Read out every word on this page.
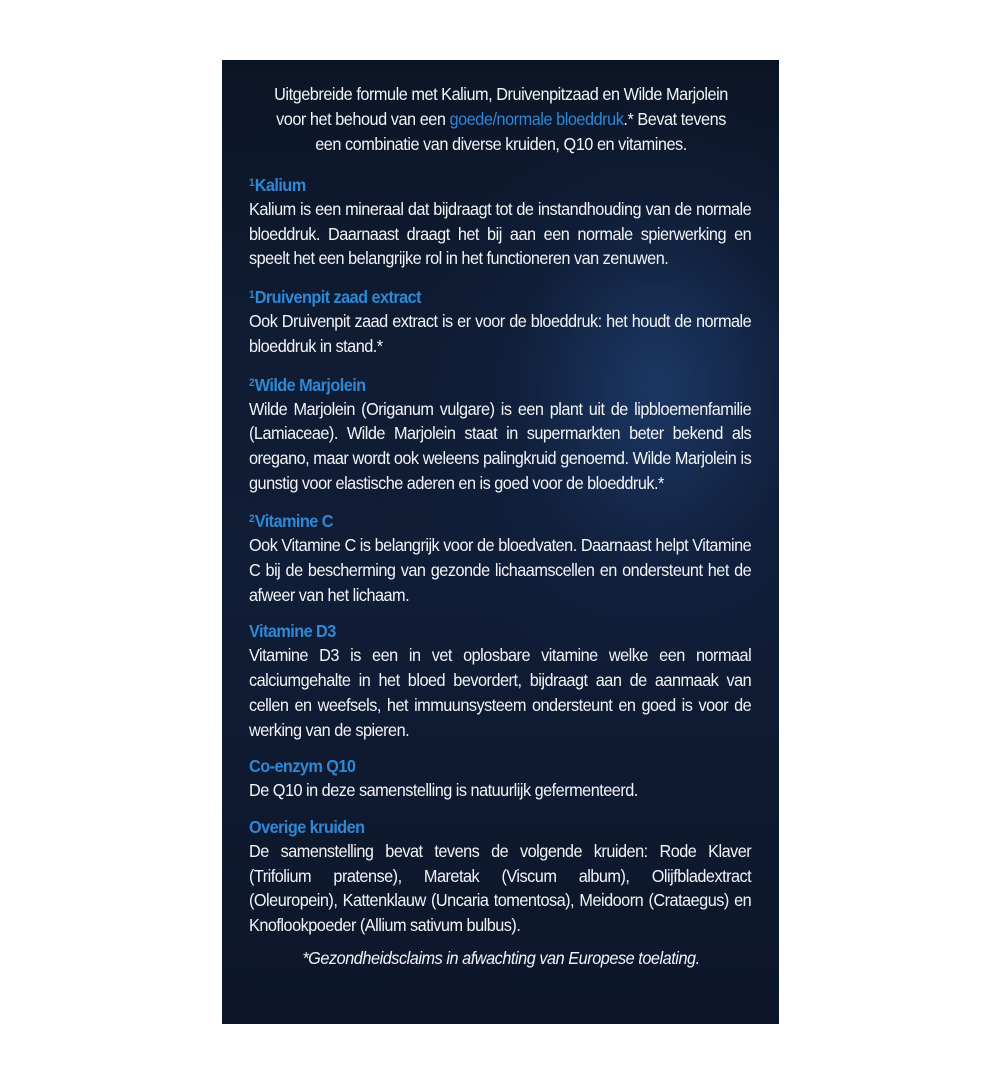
Uitgebreide formule met Kalium, Druivenpitzaad en Wilde Marjolein
voor het behoud van een goede/normale bloeddruk.* Bevat tevens
een combinatie van diverse kruiden, Q10 en vitamines.

$^1$Kalium

Kalium is een mineraal dat bijdraagt tot de instandhouding van de normale bloeddruk. Daarnaast draagt het bij aan een normale spierwerking en speelt het een belangrijke rol in het functioneren van zenuwen.

$^1$Druivenpit zaad extract

Ook Druivenpit zaad extract is er voor de bloeddruk: het houdt de normale bloeddruk in stand.*

$^2$Wilde Marjolein

Wilde Marjolein (Origanum vulgare) is een plant uit de lipbloemenfamilie (Lamiaceae). Wilde Marjolein staat in supermarkten beter bekend als oregano, maar wordt ook weleens palingkruid genoemd. Wilde Marjolein is gunstig voor elastische aderen en is goed voor de bloeddruk.*

$^2$Vitamine C

Ook Vitamine C is belangrijk voor de bloedvaten. Daarnaast helpt Vitamine C bij de bescherming van gezonde lichaamscellen en ondersteunt het de afweer van het lichaam.

Vitamine D3

Vitamine D3 is een in vet oplosbare vitamine welke een normaal calciumgehalte in het bloed bevordert, bijdraagt aan de aanmaak van cellen en weefsels, het immuunsysteem ondersteunt en goed is voor de werking van de spieren.

Co-enzym Q10

De Q10 in deze samenstelling is natuurlijk gefermenteerd.

Overige kruiden

De samenstelling bevat tevens de volgende kruiden: Rode Klaver (Trifolium pratense), Maretak (Viscum album), Olijfbladextract (Oleuropein), Kattenklauw (Uncaria tomentosa), Meidoorn (Crataegus) en Knoflookpoeder (Allium sativum bulbus).

*Gezondheidsclaims in afwachting van Europese toelating.
